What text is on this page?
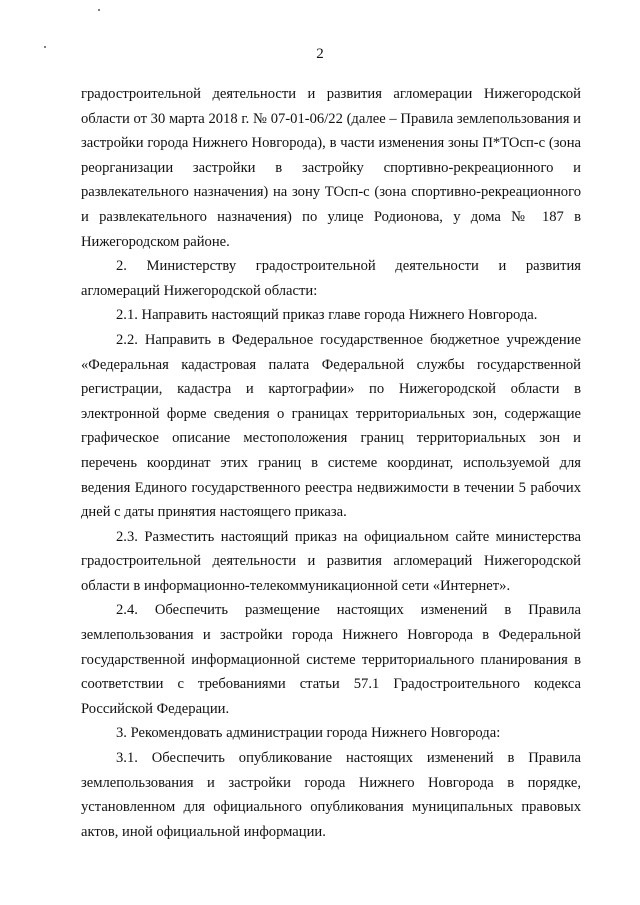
2

градостроительной деятельности и развития агломерации Нижегородской области от 30 марта 2018 г. № 07-01-06/22 (далее – Правила землепользования и застройки города Нижнего Новгорода), в части изменения зоны П*ТОсп-с (зона реорганизации застройки в застройку спортивно-рекреационного и развлекательного назначения) на зону ТОсп-с (зона спортивно-рекреационного и развлекательного назначения) по улице Родионова, у дома № 187 в Нижегородском районе.

2. Министерству градостроительной деятельности и развития агломераций Нижегородской области:

2.1. Направить настоящий приказ главе города Нижнего Новгорода.

2.2. Направить в Федеральное государственное бюджетное учреждение «Федеральная кадастровая палата Федеральной службы государственной регистрации, кадастра и картографии» по Нижегородской области в электронной форме сведения о границах территориальных зон, содержащие графическое описание местоположения границ территориальных зон и перечень координат этих границ в системе координат, используемой для ведения Единого государственного реестра недвижимости в течении 5 рабочих дней с даты принятия настоящего приказа.

2.3. Разместить настоящий приказ на официальном сайте министерства градостроительной деятельности и развития агломераций Нижегородской области в информационно-телекоммуникационной сети «Интернет».

2.4. Обеспечить размещение настоящих изменений в Правила землепользования и застройки города Нижнего Новгорода в Федеральной государственной информационной системе территориального планирования в соответствии с требованиями статьи 57.1 Градостроительного кодекса Российской Федерации.

3. Рекомендовать администрации города Нижнего Новгорода:

3.1. Обеспечить опубликование настоящих изменений в Правила землепользования и застройки города Нижнего Новгорода в порядке, установленном для официального опубликования муниципальных правовых актов, иной официальной информации.
